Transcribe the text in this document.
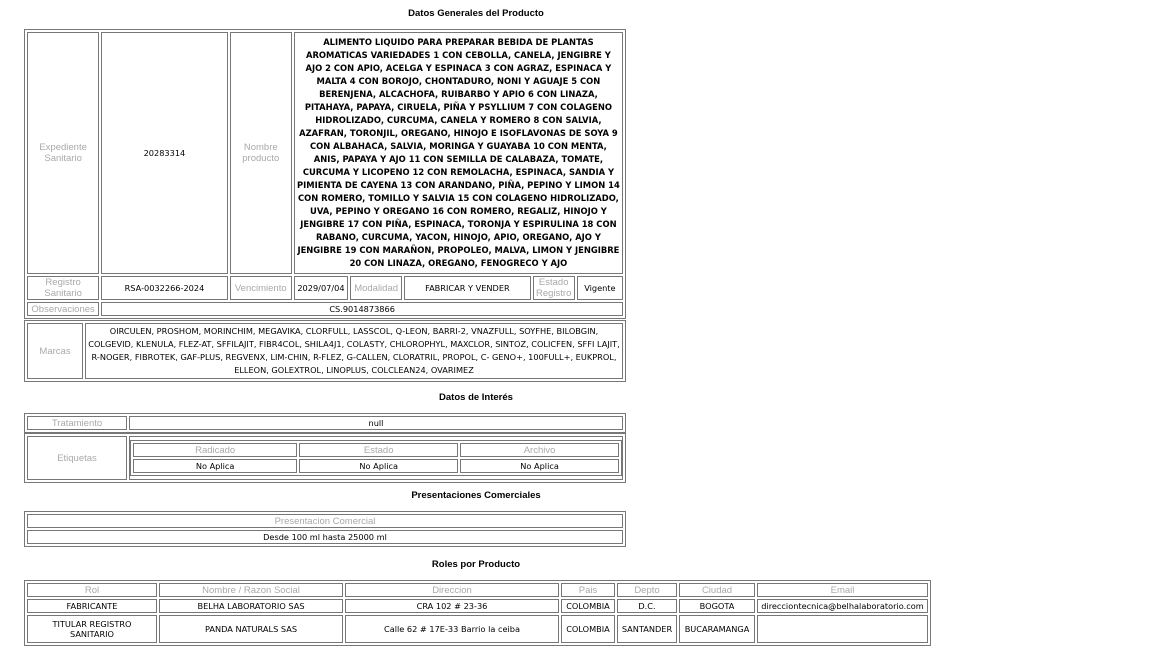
Datos Generales del Producto
Expediente Sanitario	20283314	Nombre producto	ALIMENTO LIQUIDO PARA PREPARAR BEBIDA DE PLANTAS AROMATICAS VARIEDADES 1 CON CEBOLLA, CANELA, JENGIBRE Y AJO 2 CON APIO, ACELGA Y ESPINACA 3 CON AGRAZ, ESPINACA Y MALTA 4 CON BOROJO, CHONTADURO, NONI Y AGUAJE 5 CON BERENJENA, ALCACHOFA, RUIBARBO Y APIO 6 CON LINAZA, PITAHAYA, PAPAYA, CIRUELA, PIÑA Y PSYLLIUM 7 CON COLAGENO HIDROLIZADO, CURCUMA, CANELA Y ROMERO 8 CON SALVIA, AZAFRAN, TORONJIL, OREGANO, HINOJO E ISOFLAVONAS DE SOYA 9 CON ALBAHACA, SALVIA, MORINGA Y GUAYABA 10 CON MENTA, ANIS, PAPAYA Y AJO 11 CON SEMILLA DE CALABAZA, TOMATE, CURCUMA Y LICOPENO 12 CON REMOLACHA, ESPINACA, SANDIA Y PIMIENTA DE CAYENA 13 CON ARANDANO, PIÑA, PEPINO Y LIMON 14 CON ROMERO, TOMILLO Y SALVIA 15 CON COLAGENO HIDROLIZADO, UVA, PEPINO Y OREGANO 16 CON ROMERO, REGALIZ, HINOJO Y JENGIBRE 17 CON PIÑA, ESPINACA, TORONJA Y ESPIRULINA 18 CON RABANO, CURCUMA, YACON, HINOJO, APIO, OREGANO, AJO Y JENGIBRE 19 CON MARAÑON, PROPOLEO, MALVA, LIMON Y JENGIBRE 20 CON LINAZA, OREGANO, FENOGRECO Y AJO				
Registro Sanitario	RSA-0032266-2024	Vencimiento	2029/07/04	Modalidad	FABRICAR Y VENDER	Estado Registro	Vigente
Observaciones	CS.9014873866						
Marcas	OIRCULEN, PROSHOM, MORINCHIM, MEGAVIKA, CLORFULL, LASSCOL, Q-LEON, BARRI-2, VNAZFULL, SOYFHE, BILOBGIN, COLGEVID, KLENULA, FLEZ-AT, SFFILAJIT, FIBR4COL, SHILA4J1, COLASTY, CHLOROPHYL, MAXCLOR, SINTOZ, COLICFEN, SFFI LAJIT, R-NOGER, FIBROTEK, GAF-PLUS, REGVENX, LIM-CHIN, R-FLEZ, G-CALLEN, CLORATRIL, PROPOL, C- GENO+, 100FULL+, EUKPROL, ELLEON, GOLEXTROL, LINOPLUS, COLCLEAN24, OVARIMEZ
Datos de Interés
Tratamiento	null
Etiquetas	
Radicado	Estado	Archivo
No Aplica	No Aplica	No Aplica
Presentaciones Comerciales
Presentacion Comercial
Desde 100 ml hasta 25000 ml
Roles por Producto
Rol	Nombre / Razon Social	Direccion	Pais	Depto	Ciudad	Email
FABRICANTE	BELHA LABORATORIO SAS	CRA 102 # 23-36	COLOMBIA	D.C.	BOGOTA	direcciontecnica@belhalaboratorio.com
TITULAR REGISTRO SANITARIO	PANDA NATURALS SAS	Calle 62 # 17E-33 Barrio la ceiba	COLOMBIA	SANTANDER	BUCARAMANGA	
